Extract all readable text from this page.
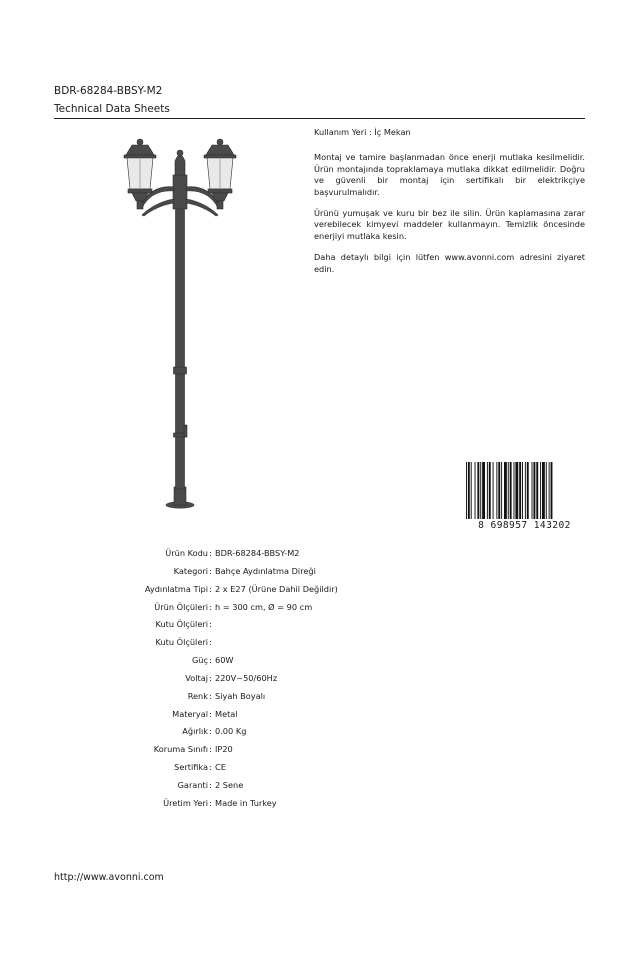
BDR-68284-BBSY-M2
Technical Data Sheets

Kullanım Yeri : İç Mekan

Montaj ve tamire başlanmadan önce enerji mutlaka kesilmelidir. Ürün montajında topraklamaya mutlaka dikkat edilmelidir. Doğru ve güvenli bir montaj için sertifikalı bir elektrikçiye başvurulmalıdır.

Ürünü yumuşak ve kuru bir bez ile silin. Ürün kaplamasına zarar verebilecek kimyevi maddeler kullanmayın. Temizlik öncesinde enerjiyi mutlaka kesin.

Daha detaylı bilgi için lütfen www.avonni.com adresini ziyaret edin.

8 698957 143202
Ürün Kodu : BDR-68284-BBSY-M2
Kategori : Bahçe Aydınlatma Direği
Aydınlatma Tipi : 2 x E27 (Ürüne Dahil Değildir)
Ürün Ölçüleri : h = 300 cm, Ø = 90 cm
Kutu Ölçüleri :
Kutu Ölçüleri :
Güç : 60W
Voltaj : 220V~50/60Hz
Renk : Siyah Boyalı
Materyal : Metal
Ağırlık : 0.00 Kg
Koruma Sınıfı : IP20
Sertifika : CE
Garanti : 2 Sene
Üretim Yeri : Made in Turkey
http://www.avonni.com
